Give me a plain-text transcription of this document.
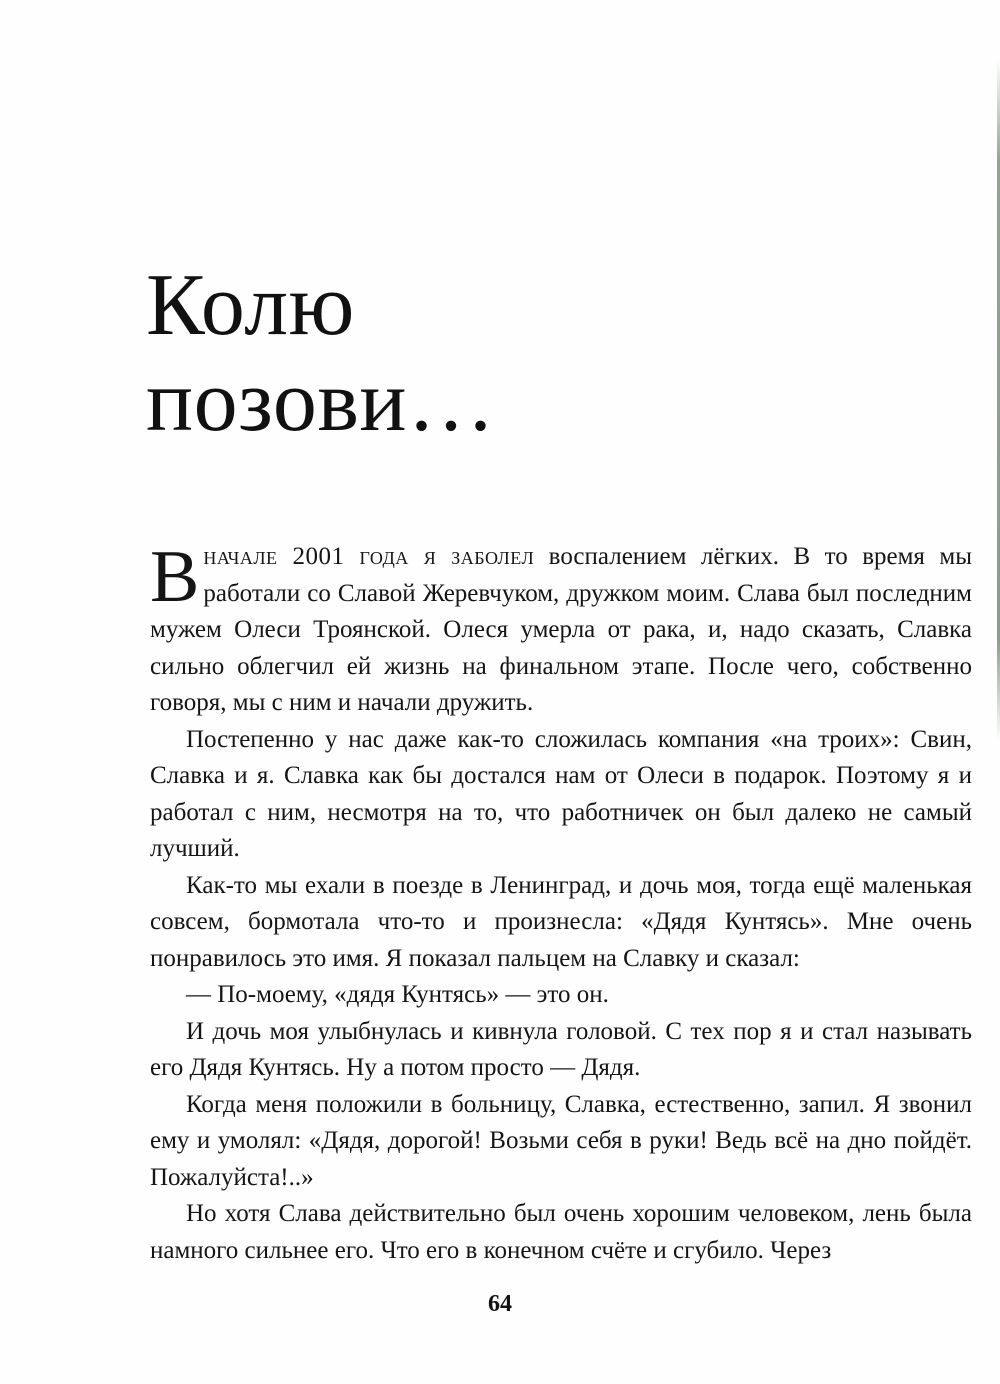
Колю
позови…

Вначале 2001 года я заболел воспалением лёгких. В то время мы работали со Славой Жеревчуком, дружком моим. Слава был последним мужем Олеси Троянской. Олеся умерла от рака, и, надо сказать, Славка сильно облегчил ей жизнь на финальном этапе. После чего, собственно говоря, мы с ним и начали дружить.

Постепенно у нас даже как-то сложилась компания «на троих»: Свин, Славка и я. Славка как бы достался нам от Олеси в подарок. Поэтому я и работал с ним, несмотря на то, что работничек он был далеко не самый лучший.

Как-то мы ехали в поезде в Ленинград, и дочь моя, тогда ещё маленькая совсем, бормотала что-то и произнесла: «Дядя Кунтясь». Мне очень понравилось это имя. Я показал пальцем на Славку и сказал:

— По-моему, «дядя Кунтясь» — это он.

И дочь моя улыбнулась и кивнула головой. С тех пор я и стал называть его Дядя Кунтясь. Ну а потом просто — Дядя.

Когда меня положили в больницу, Славка, естественно, запил. Я звонил ему и умолял: «Дядя, дорогой! Возьми себя в руки! Ведь всё на дно пойдёт. Пожалуйста!..»

Но хотя Слава действительно был очень хорошим человеком, лень была намного сильнее его. Что его в конечном счёте и сгубило. Через

64
